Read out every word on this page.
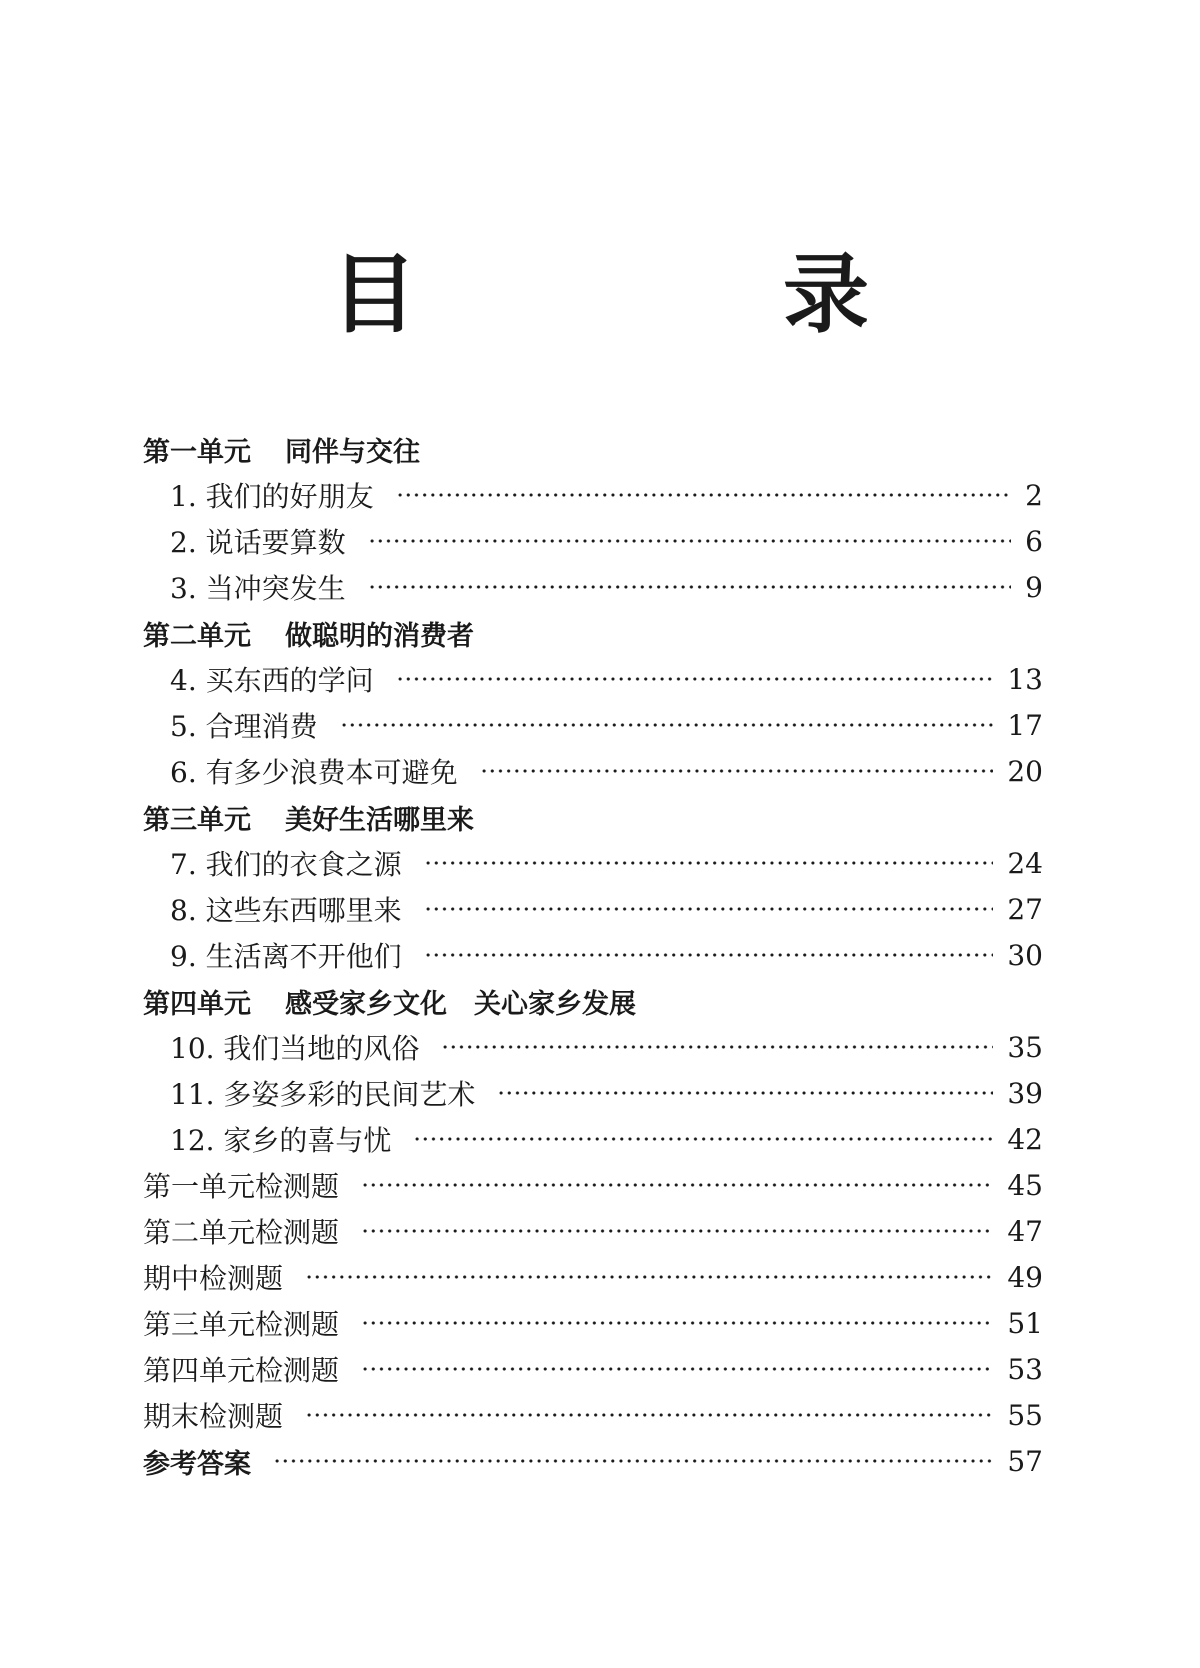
目　录
第一单元 同伴与交往
1. 我们的好朋友	2
2. 说话要算数	6
3. 当冲突发生	9
第二单元 做聪明的消费者
4. 买东西的学问	13
5. 合理消费	17
6. 有多少浪费本可避免	20
第三单元 美好生活哪里来
7. 我们的衣食之源	24
8. 这些东西哪里来	27
9. 生活离不开他们	30
第四单元 感受家乡文化　关心家乡发展
10. 我们当地的风俗	35
11. 多姿多彩的民间艺术	39
12. 家乡的喜与忧	42
第一单元检测题	45
第二单元检测题	47
期中检测题	49
第三单元检测题	51
第四单元检测题	53
期末检测题	55
参考答案	57
